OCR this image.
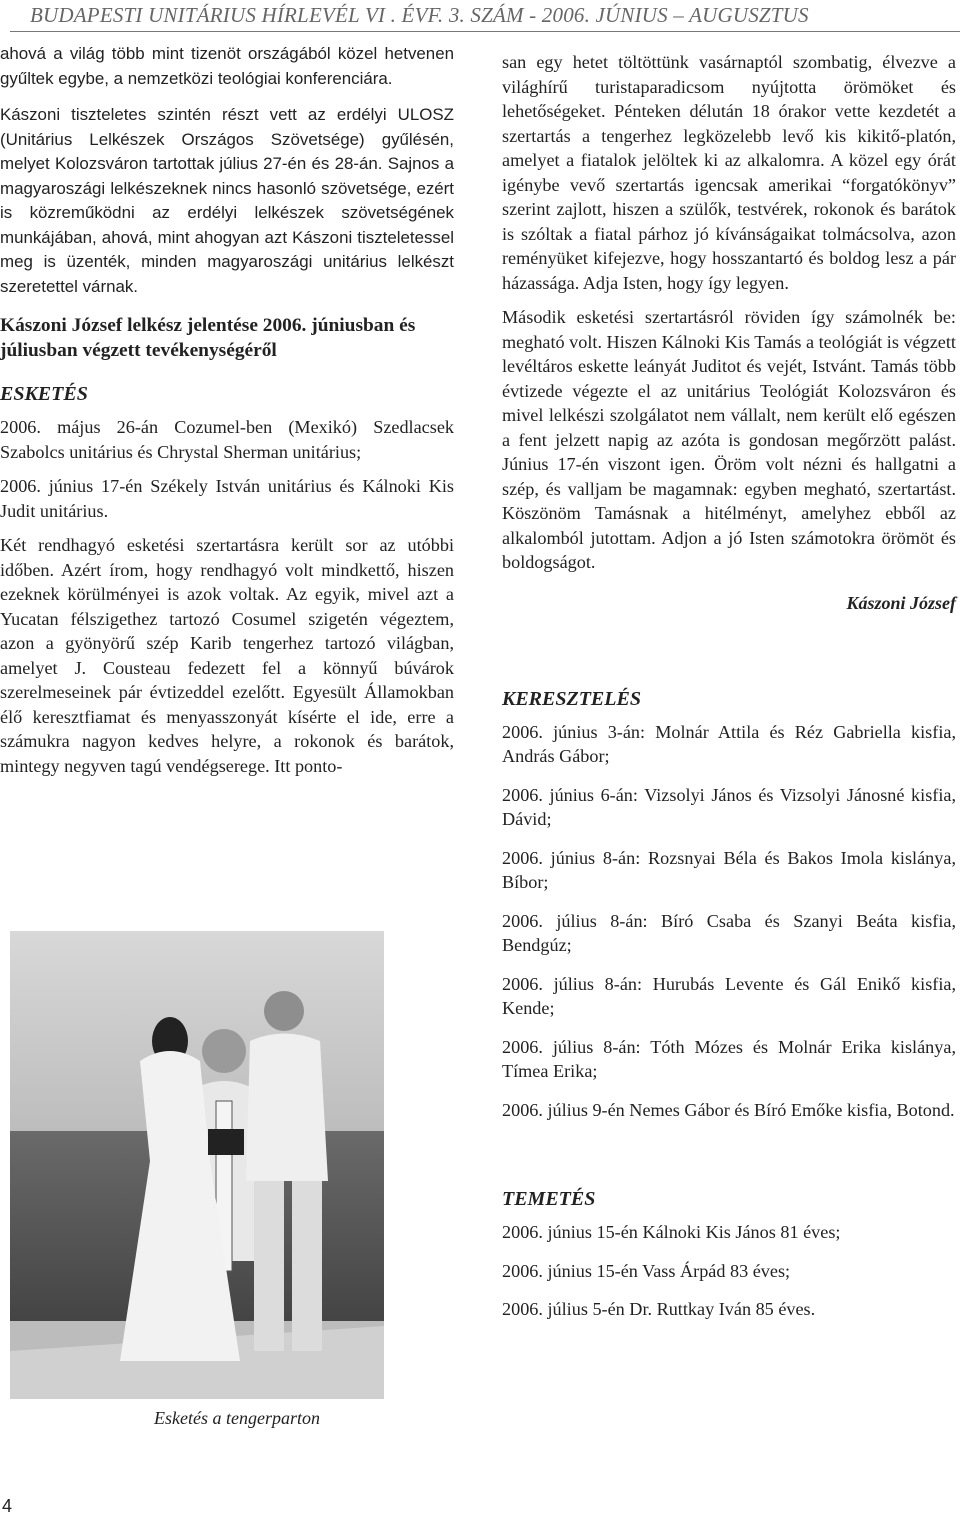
BUDAPESTI UNITÁRIUS HÍRLEVÉL VI . ÉVF. 3. SZÁM - 2006. JÚNIUS – AUGUSZTUS

ahová a világ több mint tizenöt országából közel hetvenen gyűltek egybe, a nemzetközi teológiai konferenciára.

Kászoni tiszteletes szintén részt vett az erdélyi ULOSZ (Unitárius Lelkészek Országos Szövetsége) gyűlésén, melyet Kolozsváron tartottak július 27-én és 28-án. Sajnos a magyaroszági lelkészeknek nincs hasonló szövetsége, ezért is közreműködni az erdélyi lelkészek szövetségének munkájában, ahová, mint ahogyan azt Kászoni tiszteletessel meg is üzenték, minden magyaroszági unitárius lelkészt szeretettel várnak.

Kászoni József lelkész jelentése 2006. júniusban és júliusban végzett tevékenységéről
ESKETÉS

2006. május 26-án Cozumel-ben (Mexikó) Szedlacsek Szabolcs unitárius és Chrystal Sherman unitárius;

2006. június 17-én Székely István unitárius és Kálnoki Kis Judit unitárius.

Két rendhagyó esketési szertartásra került sor az utóbbi időben. Azért írom, hogy rendhagyó volt mindkettő, hiszen ezeknek körülményei is azok voltak. Az egyik, mivel azt a Yucatan félszigethez tartozó Cosumel szigetén végeztem, azon a gyönyörű szép Karib tengerhez tartozó világban, amelyet J. Cousteau fedezett fel a könnyű búvárok szerelmeseinek pár évtizeddel ezelőtt. Egyesült Államokban élő keresztfiamat és menyasszonyát kísérte el ide, erre a számukra nagyon kedves helyre, a rokonok és barátok, mintegy negyven tagú vendégserege. Itt ponto-

Esketés a tengerparton

san egy hetet töltöttünk vasárnaptól szombatig, élvezve a világhírű turistaparadicsom nyújtotta örömöket és lehetőségeket. Pénteken délután 18 órakor vette kezdetét a szertartás a tengerhez legközelebb levő kis kikitő-platón, amelyet a fiatalok jelöltek ki az alkalomra. A közel egy órát igénybe vevő szertartás igencsak amerikai “forgatókönyv” szerint zajlott, hiszen a szülők, testvérek, rokonok és barátok is szóltak a fiatal párhoz jó kívánságaikat tolmácsolva, azon reményüket kifejezve, hogy hosszantartó és boldog lesz a pár házassága. Adja Isten, hogy így legyen.

Második esketési szertartásról röviden így számolnék be: megható volt. Hiszen Kálnoki Kis Tamás a teológiát is végzett levéltáros eskette leányát Juditot és vejét, Istvánt. Tamás több évtizede végezte el az unitárius Teológiát Kolozsváron és mivel lelkészi szolgálatot nem vállalt, nem került elő egészen a fent jelzett napig az azóta is gondosan megőrzött palást. Június 17-én viszont igen. Öröm volt nézni és hallgatni a szép, és valljam be magamnak: egyben megható, szertartást. Köszönöm Tamásnak a hitélményt, amelyhez ebből az alkalomból jutottam. Adjon a jó Isten számotokra örömöt és boldogságot.

Kászoni József
KERESZTELÉS
2006. június 3-án: Molnár Attila és Réz Gabriella kisfia, András Gábor;
2006. június 6-án: Vizsolyi János és Vizsolyi Jánosné kisfia, Dávid;
2006. június 8-án: Rozsnyai Béla és Bakos Imola kislánya, Bíbor;
2006. július 8-án: Bíró Csaba és Szanyi Beáta kisfia, Bendgúz;
2006. július 8-án: Hurubás Levente és Gál Enikő kisfia, Kende;
2006. július 8-án: Tóth Mózes és Molnár Erika kislánya, Tímea Erika;
2006. július 9-én Nemes Gábor és Bíró Emőke kisfia, Botond.
TEMETÉS
2006. június 15-én Kálnoki Kis János 81 éves;
2006. június 15-én Vass Árpád 83 éves;
2006. július 5-én Dr. Ruttkay Iván 85 éves.
4
